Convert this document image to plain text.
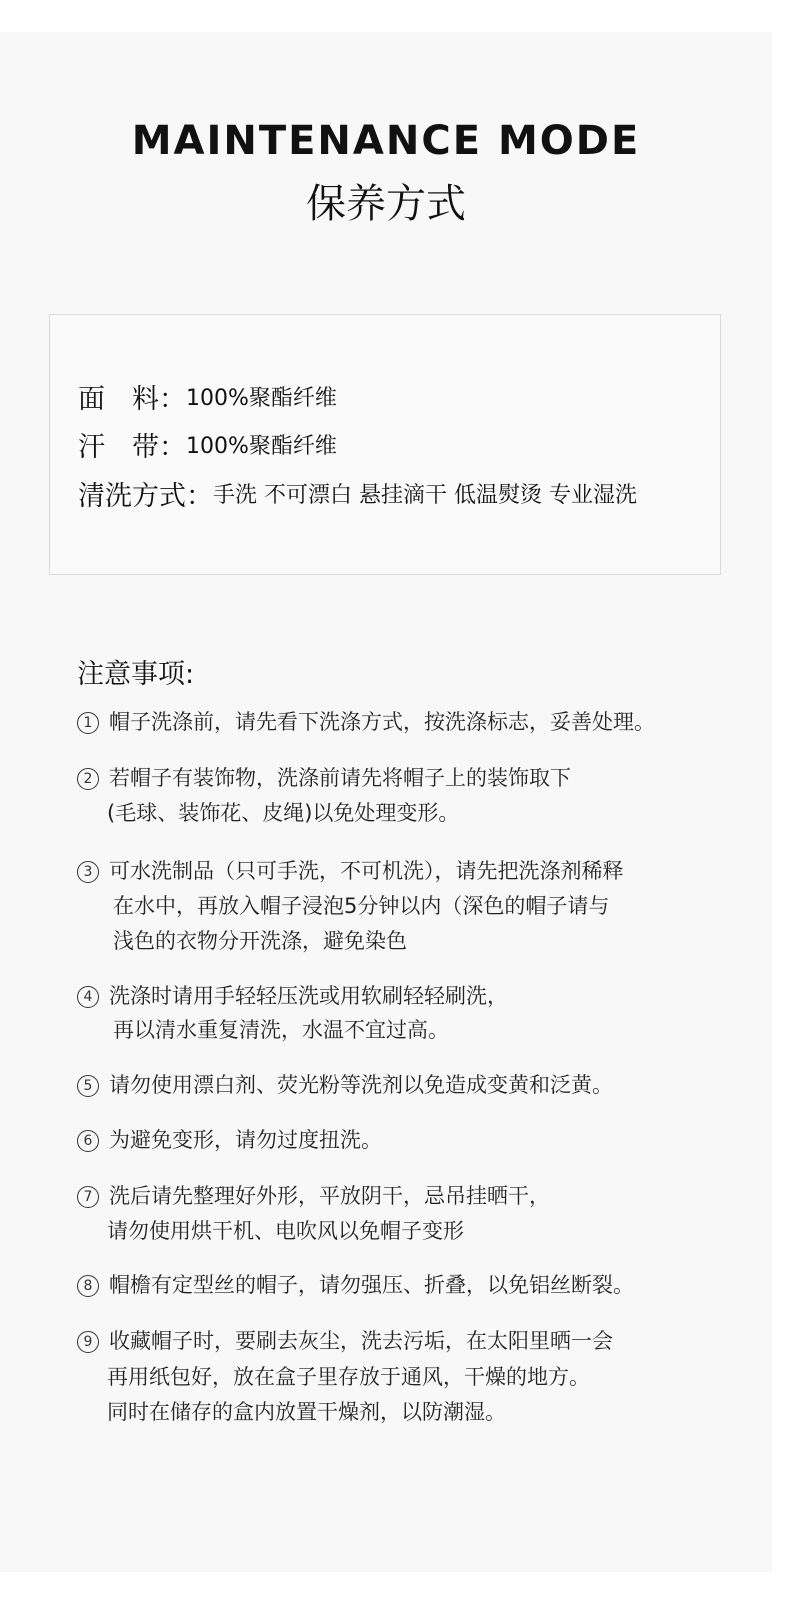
MAINTENANCE MODE
保养方式
面　料： 100%聚酯纤维
汗　带： 100%聚酯纤维
清洗方式： 手洗 不可漂白 悬挂滴干 低温熨烫 专业湿洗
注意事项:
1 帽子洗涤前，请先看下洗涤方式，按洗涤标志，妥善处理。
2 若帽子有装饰物，洗涤前请先将帽子上的装饰取下
(毛球、装饰花、皮绳)以免处理变形。
3 可水洗制品（只可手洗，不可机洗），请先把洗涤剂稀释
在水中，再放入帽子浸泡5分钟以内（深色的帽子请与
浅色的衣物分开洗涤，避免染色
4 洗涤时请用手轻轻压洗或用软刷轻轻刷洗，
再以清水重复清洗，水温不宜过高。
5 请勿使用漂白剂、荧光粉等洗剂以免造成变黄和泛黄。
6 为避免变形，请勿过度扭洗。
7 洗后请先整理好外形，平放阴干，忌吊挂晒干，
请勿使用烘干机、电吹风以免帽子变形
8 帽檐有定型丝的帽子，请勿强压、折叠，以免铝丝断裂。
9 收藏帽子时，要刷去灰尘，洗去污垢，在太阳里晒一会
再用纸包好，放在盒子里存放于通风，干燥的地方。
同时在储存的盒内放置干燥剂，以防潮湿。
